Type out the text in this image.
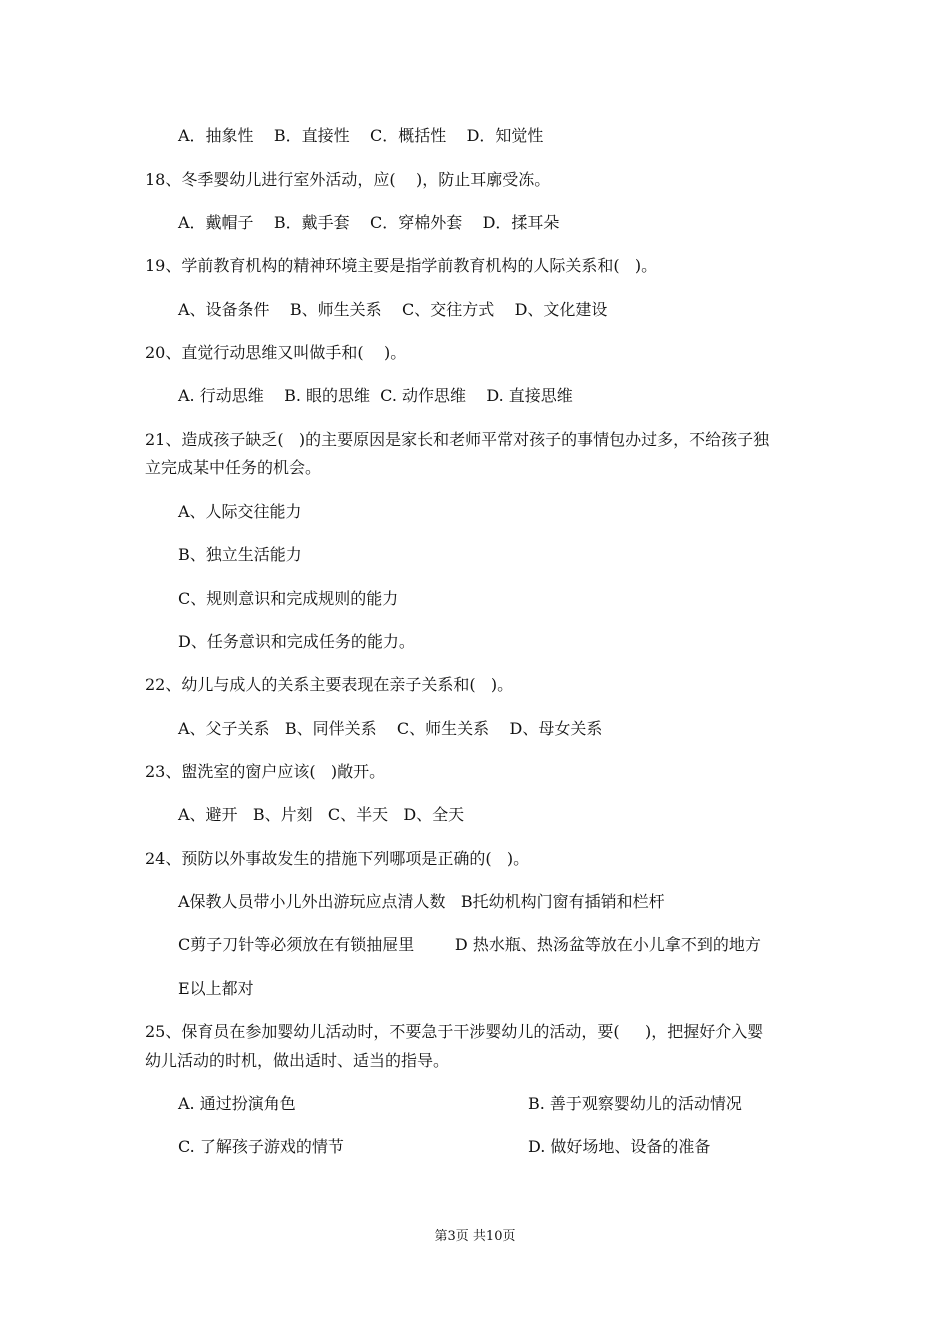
A．抽象性    B．直接性    C．概括性    D．知觉性
18、冬季婴幼儿进行室外活动，应(    )，防止耳廓受冻。
A．戴帽子    B．戴手套    C．穿棉外套    D．揉耳朵
19、学前教育机构的精神环境主要是指学前教育机构的人际关系和(   )。
A、设备条件    B、师生关系    C、交往方式    D、文化建设
20、直觉行动思维又叫做手和(    )。
A. 行动思维    B. 眼的思维  C. 动作思维    D. 直接思维
21、造成孩子缺乏(   )的主要原因是家长和老师平常对孩子的事情包办过多，不给孩子独
立完成某中任务的机会。
A、人际交往能力
B、独立生活能力
C、规则意识和完成规则的能力
D、任务意识和完成任务的能力。
22、幼儿与成人的关系主要表现在亲子关系和(   )。
A、父子关系   B、同伴关系    C、师生关系    D、母女关系
23、盥洗室的窗户应该(   )敞开。
A、避开   B、片刻   C、半天   D、全天
24、预防以外事故发生的措施下列哪项是正确的(   )。
A保教人员带小儿外出游玩应点清人数   B托幼机构门窗有插销和栏杆
C剪子刀针等必须放在有锁抽屉里        D 热水瓶、热汤盆等放在小儿拿不到的地方
E以上都对
25、保育员在参加婴幼儿活动时，不要急于干涉婴幼儿的活动，要(     )，把握好介入婴
幼儿活动的时机，做出适时、适当的指导。
A. 通过扮演角色	B. 善于观察婴幼儿的活动情况
C. 了解孩子游戏的情节	D. 做好场地、设备的准备
第3页 共10页
